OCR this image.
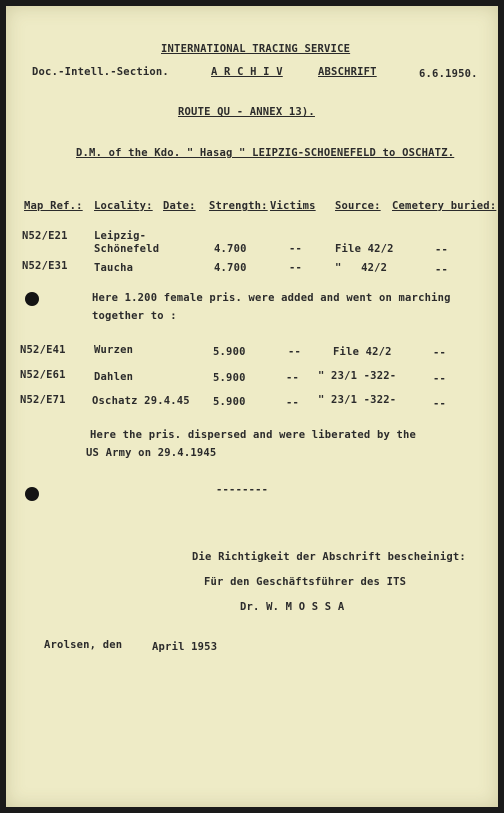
INTERNATIONAL TRACING SERVICE
Doc.-Intell.-Section.	A R C H I V	ABSCHRIFT	6.6.1950.
ROUTE QU - ANNEX 13).
D.M. of the Kdo. " Hasag " LEIPZIG-SCHOENEFELD to OSCHATZ.
Map Ref.: Locality: Date: Strength: Victims Source: Cemetery buried:
N52/E21	Leipzig-
Schönefeld	4.700	--	File 42/2	--
N52/E31	Taucha	4.700	--	"   42/2	--
Here 1.200 female pris. were added and went on marching
together to :
N52/E41	Wurzen	5.900	--	File 42/2	--
N52/E61	Dahlen	5.900	-- " 23/1 -322-	--
N52/E71	Oschatz 29.4.45 5.900	-- " 23/1 -322-	--
Here the pris. dispersed and were liberated by the
US Army on 29.4.1945
--------
Die Richtigkeit der Abschrift bescheinigt:
Für den Geschäftsführer des ITS
Dr. W. M O S S A
Arolsen, den	April 1953
